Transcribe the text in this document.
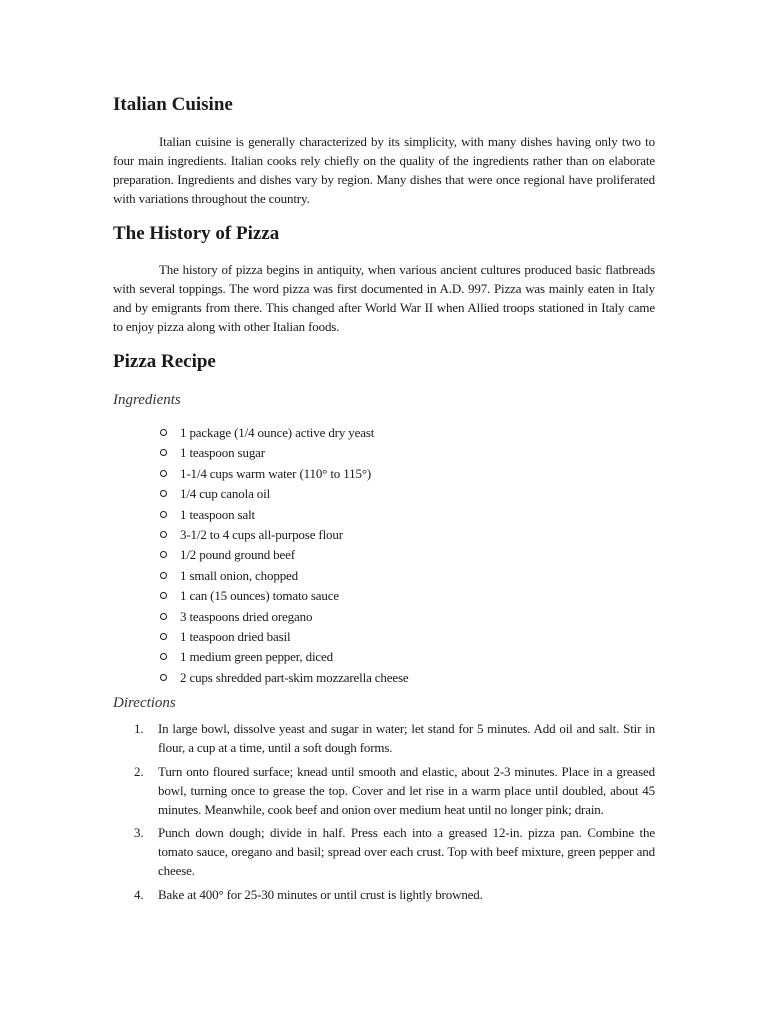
Italian Cuisine

Italian cuisine is generally characterized by its simplicity, with many dishes having only two to four main ingredients. Italian cooks rely chiefly on the quality of the ingredients rather than on elaborate preparation. Ingredients and dishes vary by region. Many dishes that were once regional have proliferated with variations throughout the country.

The History of Pizza

The history of pizza begins in antiquity, when various ancient cultures produced basic flatbreads with several toppings. The word pizza was first documented in A.D. 997. Pizza was mainly eaten in Italy and by emigrants from there. This changed after World War II when Allied troops stationed in Italy came to enjoy pizza along with other Italian foods.

Pizza Recipe
Ingredients
1 package (1/4 ounce) active dry yeast
1 teaspoon sugar
1-1/4 cups warm water (110° to 115°)
1/4 cup canola oil
1 teaspoon salt
3-1/2 to 4 cups all-purpose flour
1/2 pound ground beef
1 small onion, chopped
1 can (15 ounces) tomato sauce
3 teaspoons dried oregano
1 teaspoon dried basil
1 medium green pepper, diced
2 cups shredded part-skim mozzarella cheese
Directions
1. In large bowl, dissolve yeast and sugar in water; let stand for 5 minutes. Add oil and salt. Stir in flour, a cup at a time, until a soft dough forms.
2. Turn onto floured surface; knead until smooth and elastic, about 2-3 minutes. Place in a greased bowl, turning once to grease the top. Cover and let rise in a warm place until doubled, about 45 minutes. Meanwhile, cook beef and onion over medium heat until no longer pink; drain.
3. Punch down dough; divide in half. Press each into a greased 12-in. pizza pan. Combine the tomato sauce, oregano and basil; spread over each crust. Top with beef mixture, green pepper and cheese.
4. Bake at 400° for 25-30 minutes or until crust is lightly browned.
